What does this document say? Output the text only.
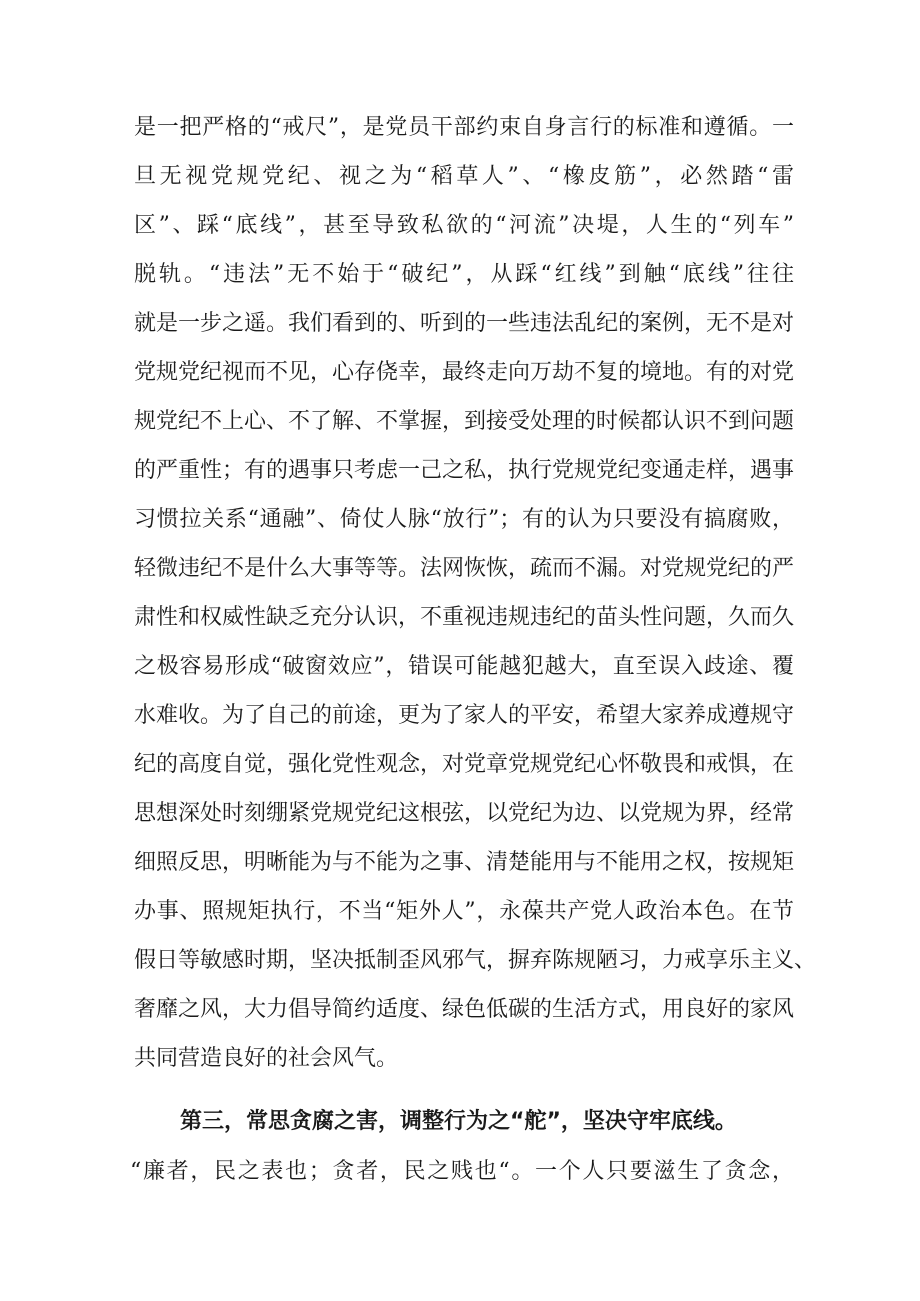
是一把严格的“戒尺”，是党员干部约束自身言行的标准和遵循。一
旦无视党规党纪、视之为“稻草人”、“橡皮筋”，必然踏“雷
区”、踩“底线”，甚至导致私欲的“河流”决堤，人生的“列车”
脱轨。“违法”无不始于“破纪”，从踩“红线”到触“底线”往往
就是一步之遥。我们看到的、听到的一些违法乱纪的案例，无不是对
党规党纪视而不见，心存侥幸，最终走向万劫不复的境地。有的对党
规党纪不上心、不了解、不掌握，到接受处理的时候都认识不到问题
的严重性；有的遇事只考虑一己之私，执行党规党纪变通走样，遇事
习惯拉关系“通融”、倚仗人脉“放行”；有的认为只要没有搞腐败，
轻微违纪不是什么大事等等。法网恢恢，疏而不漏。对党规党纪的严
肃性和权威性缺乏充分认识，不重视违规违纪的苗头性问题，久而久
之极容易形成“破窗效应”，错误可能越犯越大，直至误入歧途、覆
水难收。为了自己的前途，更为了家人的平安，希望大家养成遵规守
纪的高度自觉，强化党性观念，对党章党规党纪心怀敬畏和戒惧，在
思想深处时刻绷紧党规党纪这根弦，以党纪为边、以党规为界，经常
细照反思，明晰能为与不能为之事、清楚能用与不能用之权，按规矩
办事、照规矩执行，不当“矩外人”，永葆共产党人政治本色。在节
假日等敏感时期，坚决抵制歪风邪气，摒弃陈规陋习，力戒享乐主义、
奢靡之风，大力倡导简约适度、绿色低碳的生活方式，用良好的家风
共同营造良好的社会风气。
第三，常思贪腐之害，调整行为之“舵”，坚决守牢底线。
“廉者，民之表也；贪者，民之贱也“。一个人只要滋生了贪念，
